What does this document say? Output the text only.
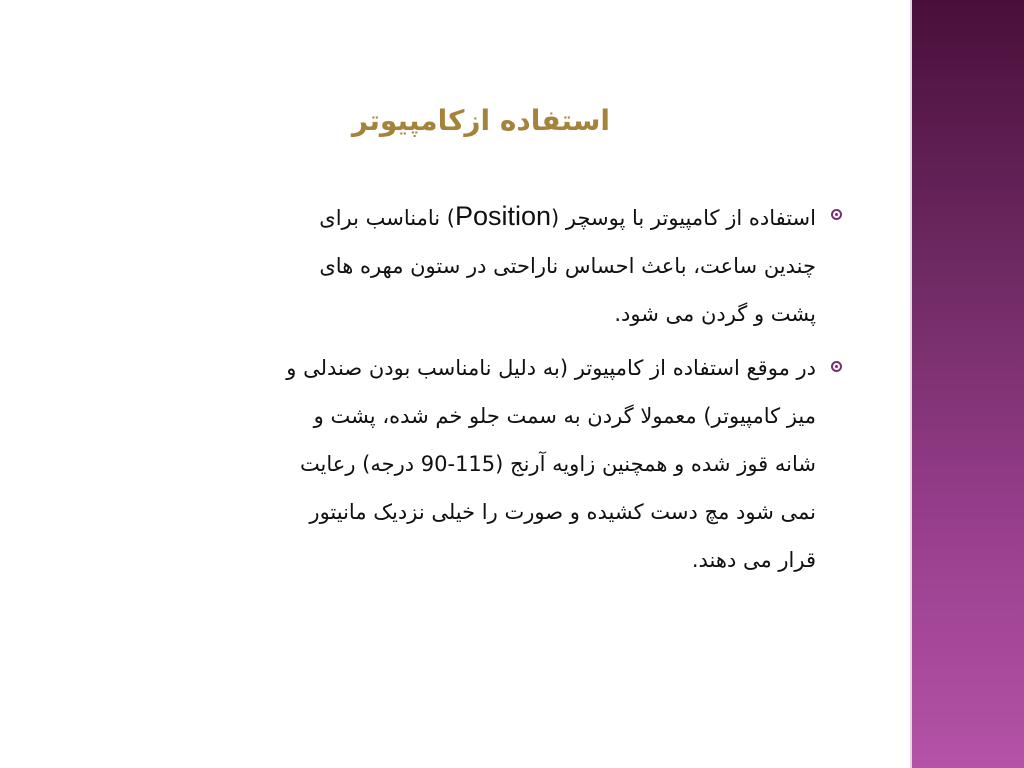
استفاده ازکامپیوتر
استفاده از کامپیوتر با پوسچر (Position) نامناسب برای
چندین ساعت، باعث احساس ناراحتی در ستون مهره های
پشت و گردن می شود.
در موقع استفاده از کامپیوتر (به دلیل نامناسب بودن صندلی و
میز کامپیوتر) معمولا گردن به سمت جلو خم شده، پشت و
شانه قوز شده و همچنین زاویه آرنج (115-90 درجه) رعایت
نمی شود مچ دست کشیده و صورت را خیلی نزدیک مانیتور
قرار می دهند.
